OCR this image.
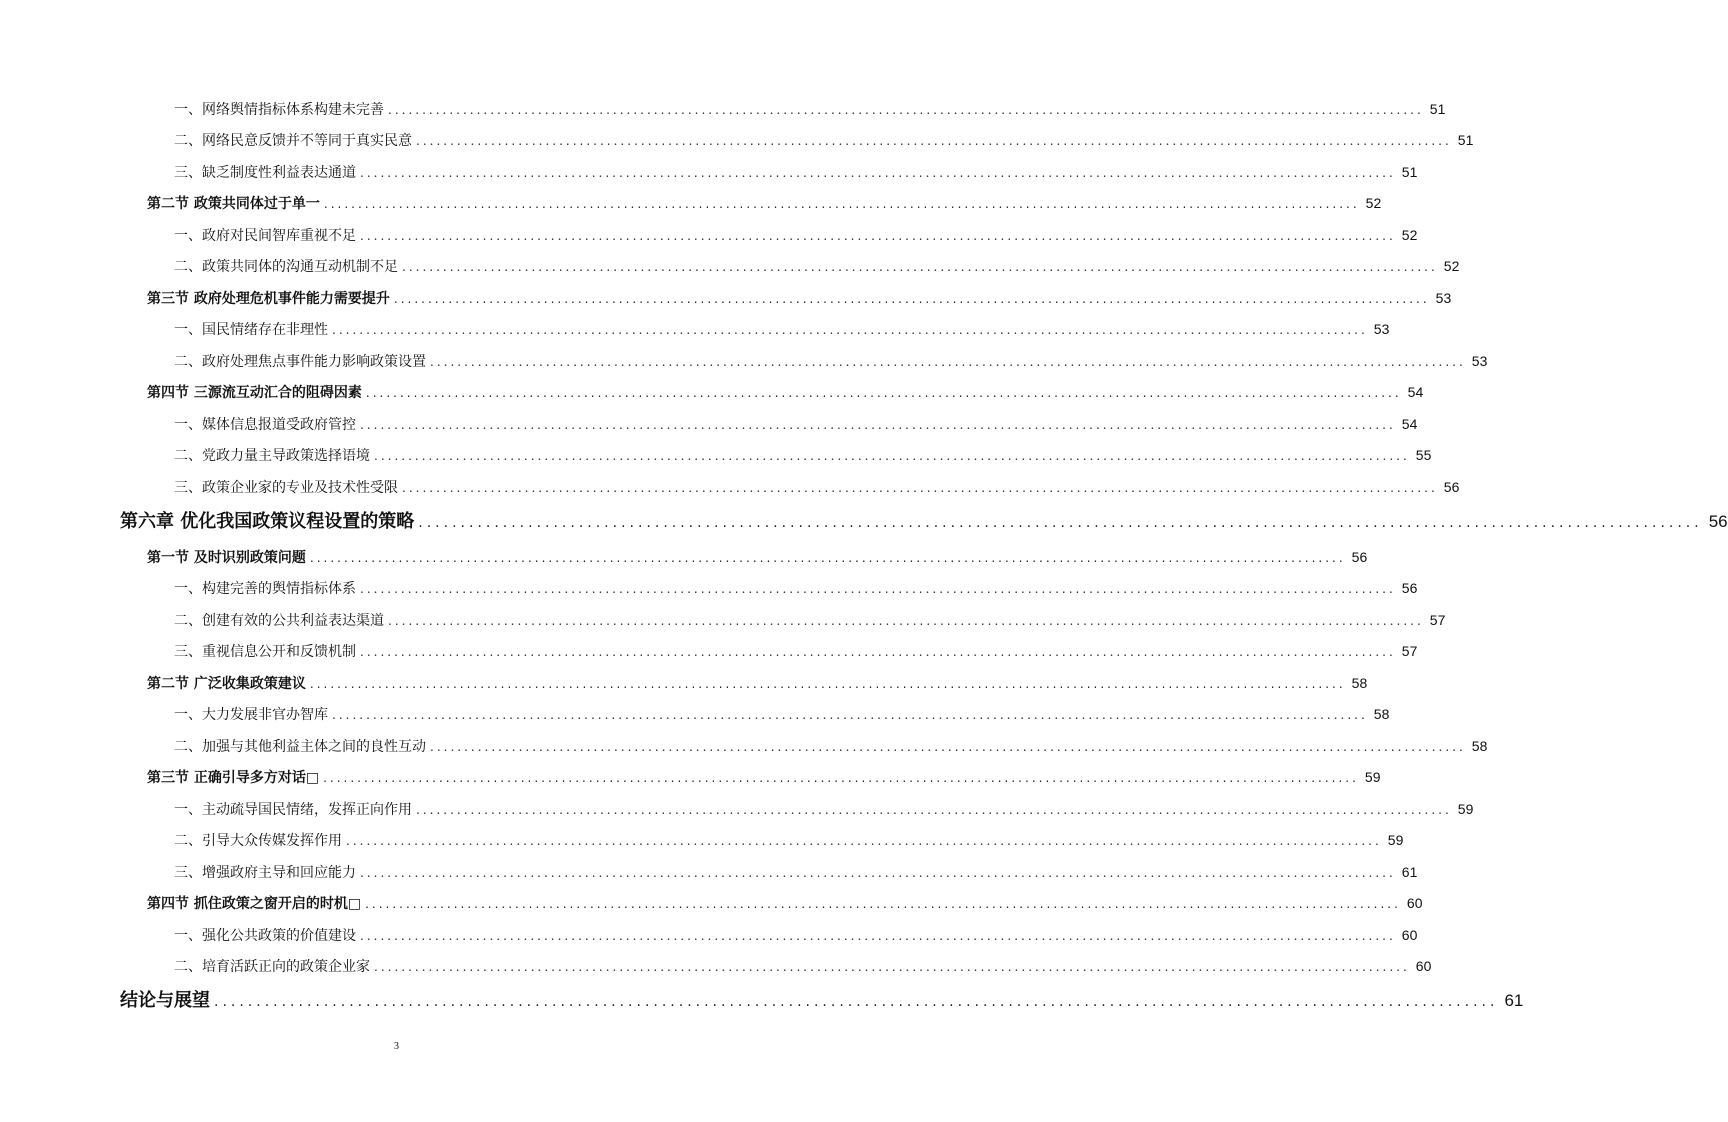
一、网络舆情指标体系构建未完善 ........................................................................................................................................................ 51
二、网络民意反馈并不等同于真实民意 ........................................................................................................................................................ 51
三、缺乏制度性利益表达通道 ........................................................................................................................................................ 51
第二节 政策共同体过于单一 ........................................................................................................................................................ 52
一、政府对民间智库重视不足 ........................................................................................................................................................ 52
二、政策共同体的沟通互动机制不足 ........................................................................................................................................................ 52
第三节 政府处理危机事件能力需要提升 ........................................................................................................................................................ 53
一、国民情绪存在非理性 ........................................................................................................................................................ 53
二、政府处理焦点事件能力影响政策设置 ........................................................................................................................................................ 53
第四节 三源流互动汇合的阻碍因素 ........................................................................................................................................................ 54
一、媒体信息报道受政府管控 ........................................................................................................................................................ 54
二、党政力量主导政策选择语境 ........................................................................................................................................................ 55
三、政策企业家的专业及技术性受限 ........................................................................................................................................................ 56
第六章 优化我国政策议程设置的策略 ........................................................................................................................................................ 56
第一节 及时识别政策问题 ........................................................................................................................................................ 56
一、构建完善的舆情指标体系 ........................................................................................................................................................ 56
二、创建有效的公共利益表达渠道 ........................................................................................................................................................ 57
三、重视信息公开和反馈机制 ........................................................................................................................................................ 57
第二节 广泛收集政策建议 ........................................................................................................................................................ 58
一、大力发展非官办智库 ........................................................................................................................................................ 58
二、加强与其他利益主体之间的良性互动 ........................................................................................................................................................ 58
第三节 正确引导多方对话□ ........................................................................................................................................................ 59
一、主动疏导国民情绪，发挥正向作用 ........................................................................................................................................................ 59
二、引导大众传媒发挥作用 ........................................................................................................................................................ 59
三、增强政府主导和回应能力 ........................................................................................................................................................ 61
第四节 抓住政策之窗开启的时机□ ........................................................................................................................................................ 60
一、强化公共政策的价值建设 ........................................................................................................................................................ 60
二、培育活跃正向的政策企业家 ........................................................................................................................................................ 60
结论与展望 ........................................................................................................................................................ 61
3
